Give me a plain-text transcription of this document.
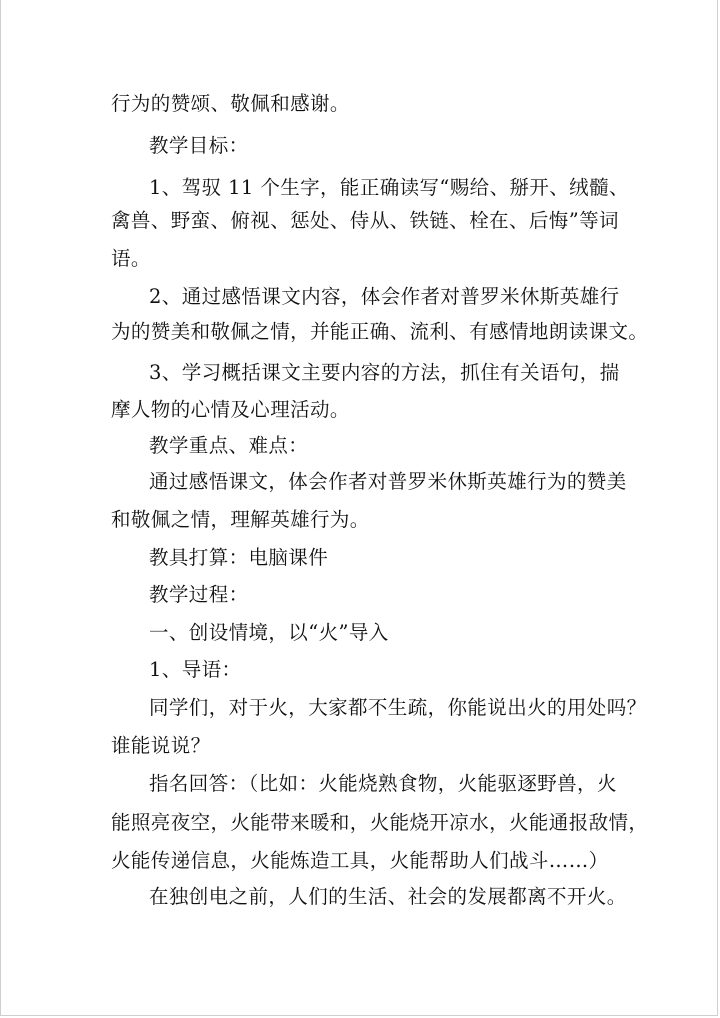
行为的赞颂、敬佩和感谢。
教学目标：
1、驾驭 11 个生字，能正确读写“赐给、掰开、绒髓、
禽兽、野蛮、俯视、惩处、侍从、铁链、栓在、后悔”等词
语。
2、通过感悟课文内容，体会作者对普罗米休斯英雄行
为的赞美和敬佩之情，并能正确、流利、有感情地朗读课文。
3、学习概括课文主要内容的方法，抓住有关语句，揣
摩人物的心情及心理活动。
教学重点、难点：
通过感悟课文，体会作者对普罗米休斯英雄行为的赞美
和敬佩之情，理解英雄行为。
教具打算：电脑课件
教学过程：
一、创设情境，以“火”导入
1、导语：
同学们，对于火，大家都不生疏，你能说出火的用处吗？
谁能说说？
指名回答：（比如：火能烧熟食物，火能驱逐野兽，火
能照亮夜空，火能带来暖和，火能烧开凉水，火能通报敌情，
火能传递信息，火能炼造工具，火能帮助人们战斗……）
在独创电之前，人们的生活、社会的发展都离不开火。
